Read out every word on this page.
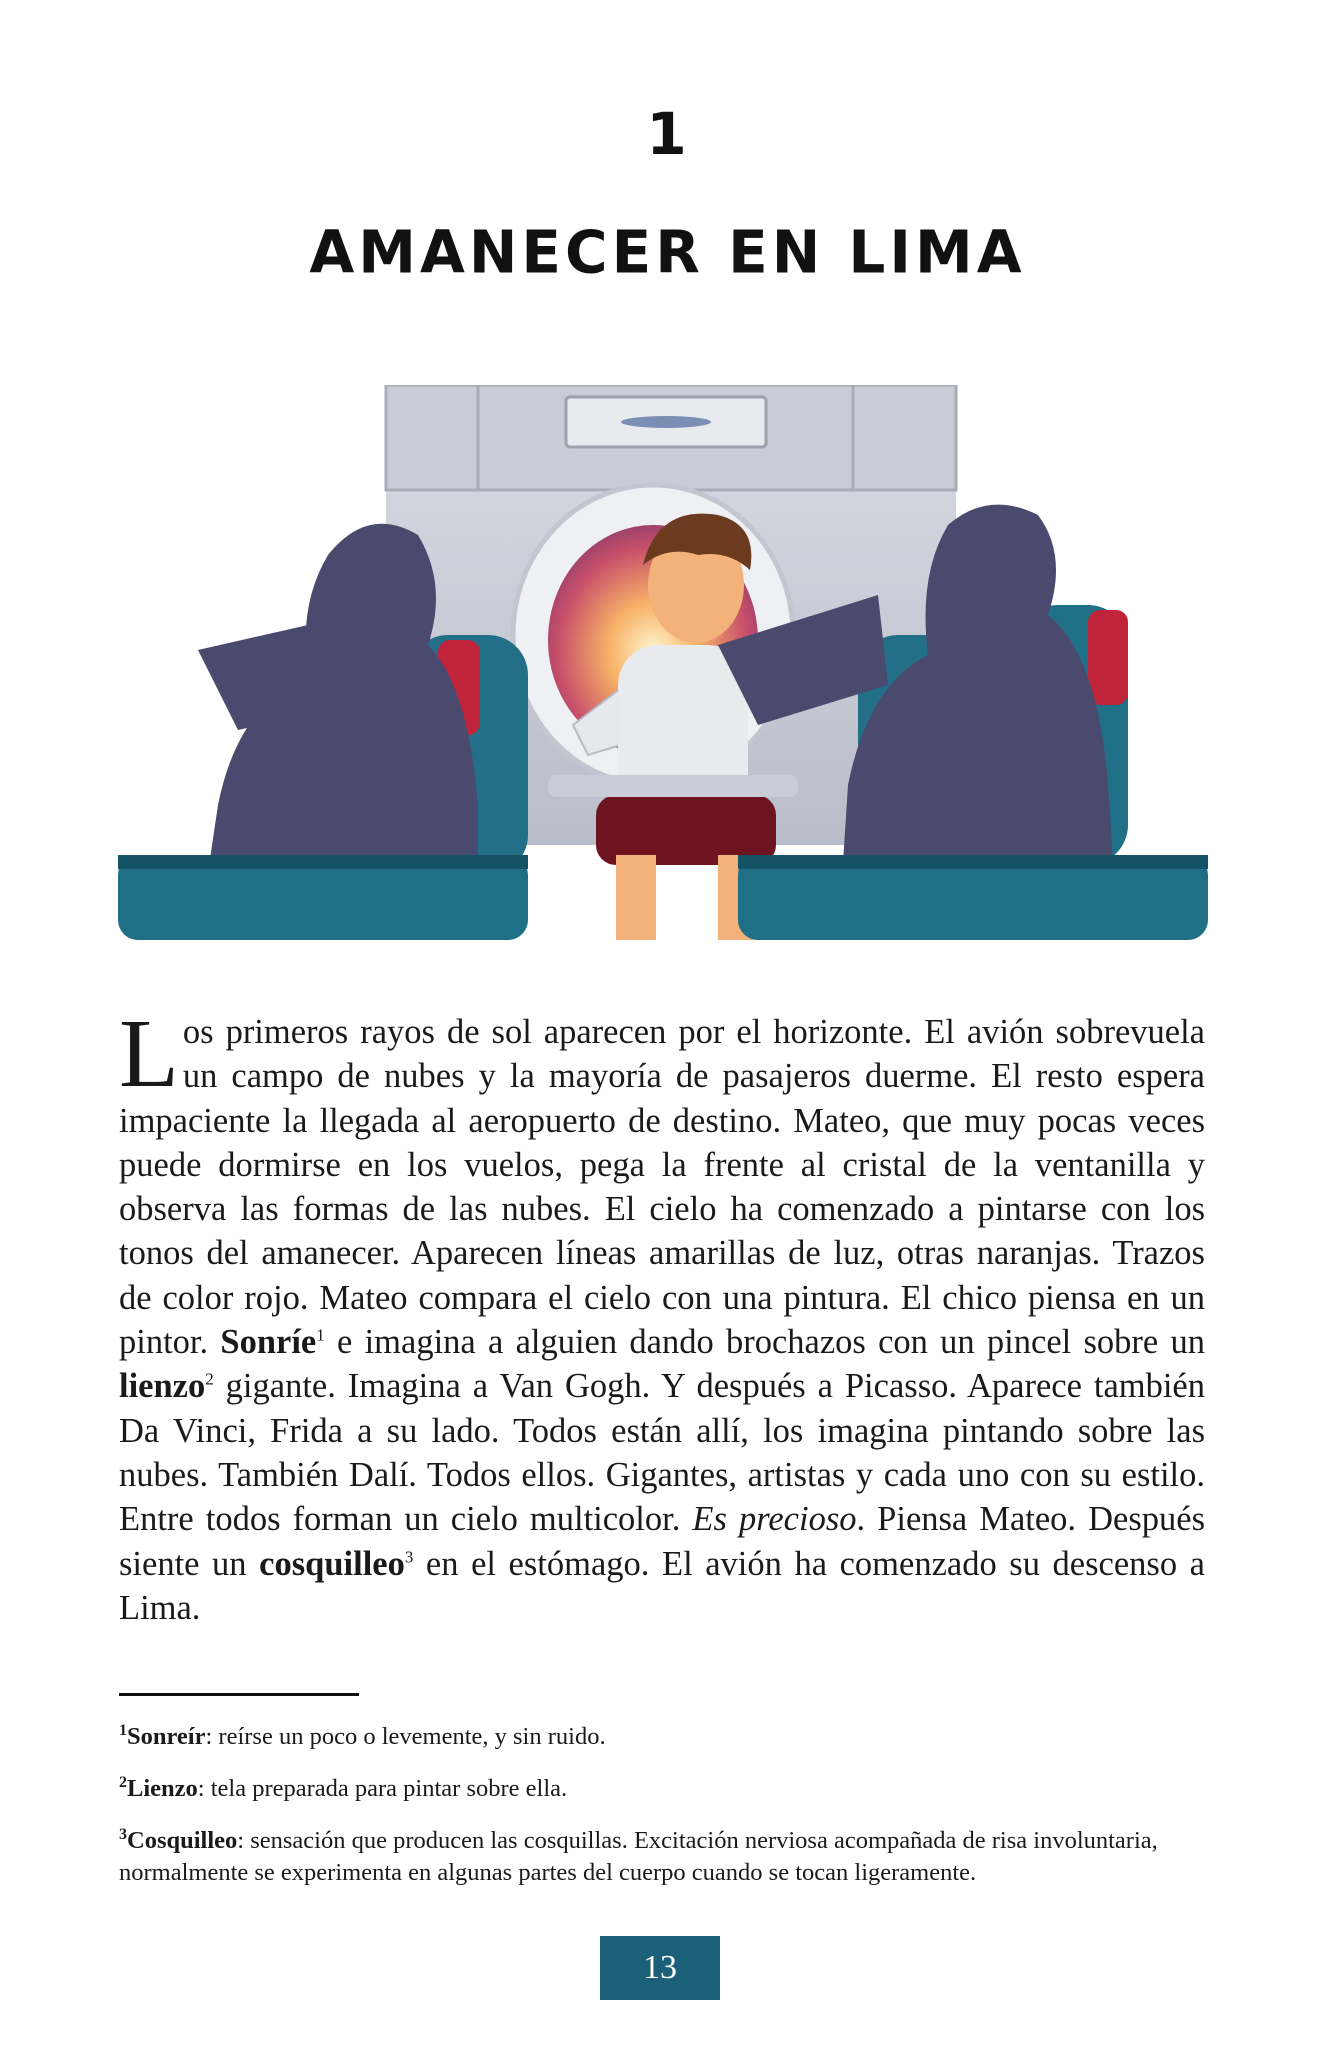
1
AMANECER EN LIMA

Los primeros rayos de sol aparecen por el horizonte. El avión sobrevuela un campo de nubes y la mayoría de pasajeros duerme. El resto espera impaciente la llegada al aeropuerto de destino. Mateo, que muy pocas veces puede dormirse en los vuelos, pega la frente al cristal de la ventanilla y observa las formas de las nubes. El cielo ha comenzado a pintarse con los tonos del amanecer. Aparecen líneas amarillas de luz, otras naranjas. Trazos de color rojo. Mateo compara el cielo con una pintura. El chico piensa en un pintor. Sonríe$^1$ e imagina a alguien dando brochazos con un pincel sobre un lienzo$^2$ gigante. Imagina a Van Gogh. Y después a Picasso. Aparece también Da Vinci, Frida a su lado. Todos están allí, los imagina pintando sobre las nubes. También Dalí. Todos ellos. Gigantes, artistas y cada uno con su estilo. Entre todos forman un cielo multicolor. Es precioso. Piensa Mateo. Después siente un cosquilleo$^3$ en el estómago. El avión ha comenzado su descenso a Lima.

$^1$Sonreír: reírse un poco o levemente, y sin ruido.

$^2$Lienzo: tela preparada para pintar sobre ella.

$^3$Cosquilleo: sensación que producen las cosquillas. Excitación nerviosa acompañada de risa involuntaria, normalmente se experimenta en algunas partes del cuerpo cuando se tocan ligeramente.

13
